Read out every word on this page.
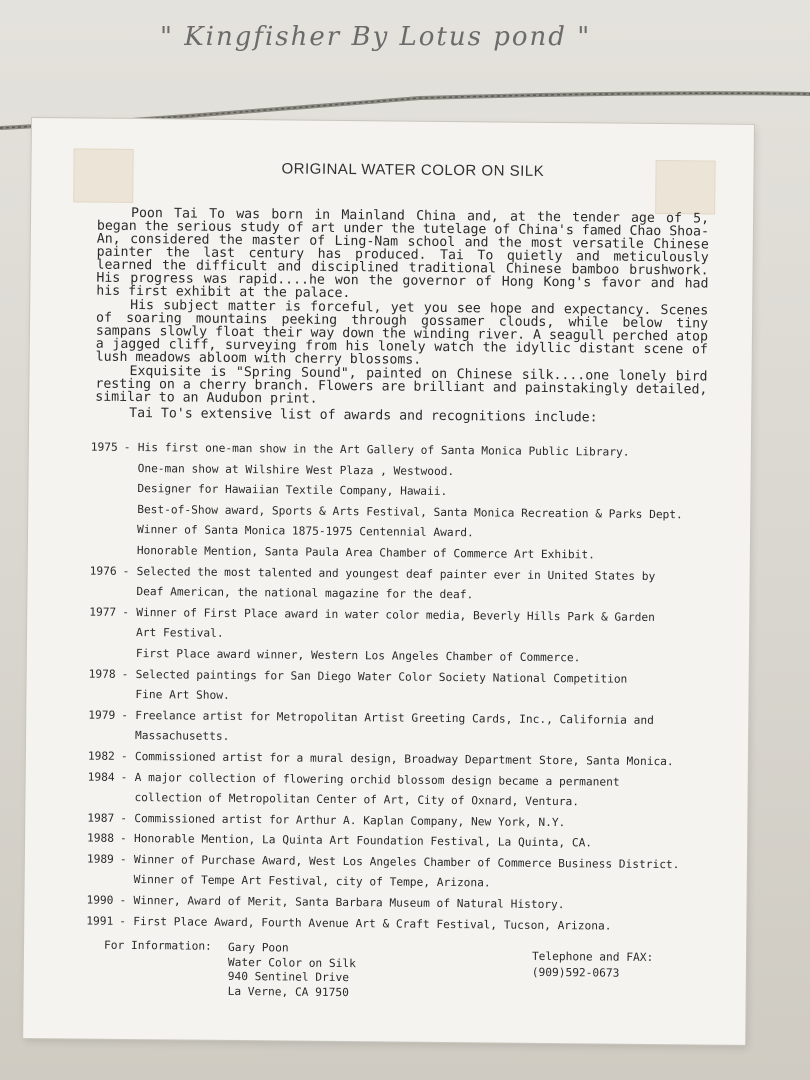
" Kingfisher By Lotus pond "
ORIGINAL WATER COLOR ON SILK
Poon Tai To was born in Mainland China and, at the tender age of 5, began the serious study of art under the tutelage of China's famed Chao Shoa-An, considered the master of Ling-Nam school and the most versatile Chinese painter the last century has produced. Tai To quietly and meticulously learned the difficult and disciplined traditional Chinese bamboo brushwork. His progress was rapid....he won the governor of Hong Kong's favor and had his first exhibit at the palace.
His subject matter is forceful, yet you see hope and expectancy. Scenes of soaring mountains peeking through gossamer clouds, while below tiny sampans slowly float their way down the winding river. A seagull perched atop a jagged cliff, surveying from his lonely watch the idyllic distant scene of lush meadows abloom with cherry blossoms.
Exquisite is "Spring Sound", painted on Chinese silk....one lonely bird resting on a cherry branch. Flowers are brilliant and painstakingly detailed, similar to an Audubon print.
Tai To's extensive list of awards and recognitions include:
1975 - His first one-man show in the Art Gallery of Santa Monica Public Library.
One-man show at Wilshire West Plaza , Westwood.
Designer for Hawaiian Textile Company, Hawaii.
Best-of-Show award, Sports & Arts Festival, Santa Monica Recreation & Parks Dept.
Winner of Santa Monica 1875-1975 Centennial Award.
Honorable Mention, Santa Paula Area Chamber of Commerce Art Exhibit.
1976 - Selected the most talented and youngest deaf painter ever in United States by
Deaf American, the national magazine for the deaf.
1977 - Winner of First Place award in water color media, Beverly Hills Park & Garden
Art Festival.
First Place award winner, Western Los Angeles Chamber of Commerce.
1978 - Selected paintings for San Diego Water Color Society National Competition
Fine Art Show.
1979 - Freelance artist for Metropolitan Artist Greeting Cards, Inc., California and
Massachusetts.
1982 - Commissioned artist for a mural design, Broadway Department Store, Santa Monica.
1984 - A major collection of flowering orchid blossom design became a permanent
collection of Metropolitan Center of Art, City of Oxnard, Ventura.
1987 - Commissioned artist for Arthur A. Kaplan Company, New York, N.Y.
1988 - Honorable Mention, La Quinta Art Foundation Festival, La Quinta, CA.
1989 - Winner of Purchase Award, West Los Angeles Chamber of Commerce Business District.
Winner of Tempe Art Festival, city of Tempe, Arizona.
1990 - Winner, Award of Merit, Santa Barbara Museum of Natural History.
1991 - First Place Award, Fourth Avenue Art & Craft Festival, Tucson, Arizona.
For Information: Gary Poon
Water Color on Silk
940 Sentinel Drive
La Verne, CA 91750
Telephone and FAX:
(909)592-0673
